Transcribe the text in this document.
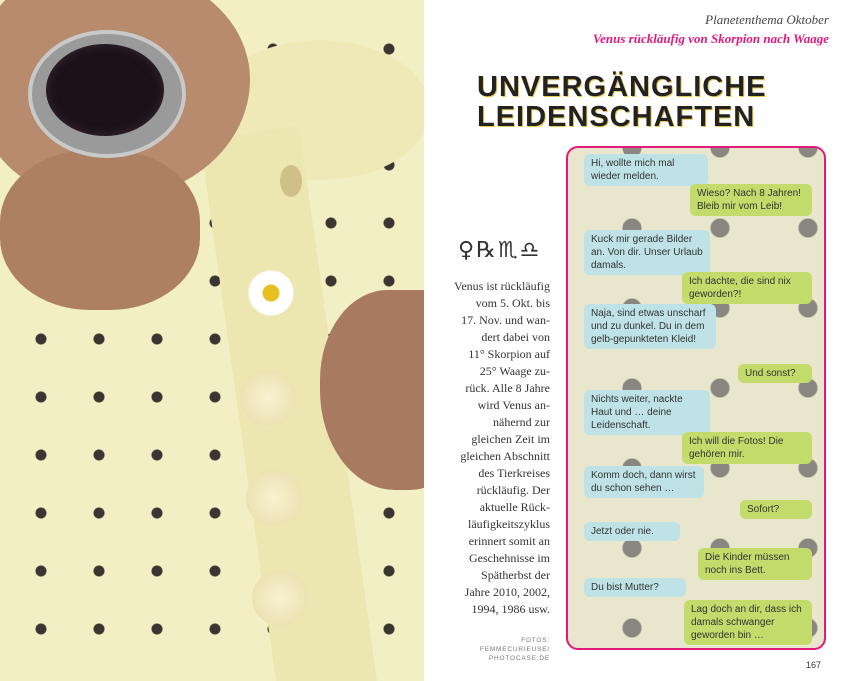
Planetenthema Oktober
Venus rückläufig von Skorpion nach Waage
UNVERGÄNGLICHE
LEIDENSCHAFTEN
♀℞♏♎
Venus ist rückläufig
vom 5. Okt. bis
17. Nov. und wan-
dert dabei von
11° Skorpion auf
25° Waage zu-
rück. Alle 8 Jahre
wird Venus an-
nähernd zur
gleichen Zeit im
gleichen Abschnitt
des Tierkreises
rückläufig. Der
aktuelle Rück-
läufigkeitszyklus
erinnert somit an
Geschehnisse im
Spätherbst der
Jahre 2010, 2002,
1994, 1986 usw.
FOTOS: FEMMECURIEUSE/
PHOTOCASE.DE
Hi, wollte mich mal wieder melden.
Wieso? Nach 8 Jahren! Bleib mir vom Leib!
Kuck mir gerade Bilder an. Von dir. Unser Urlaub damals.
Ich dachte, die sind nix geworden?!
Naja, sind etwas unscharf und zu dunkel. Du in dem gelb-gepunkteten Kleid!
Und sonst?
Nichts weiter, nackte Haut und … deine Leidenschaft.
Ich will die Fotos! Die gehören mir.
Komm doch, dann wirst du schon sehen …
Sofort?
Jetzt oder nie.
Die Kinder müssen noch ins Bett.
Du bist Mutter?
Lag doch an dir, dass ich damals schwanger geworden bin …
167
